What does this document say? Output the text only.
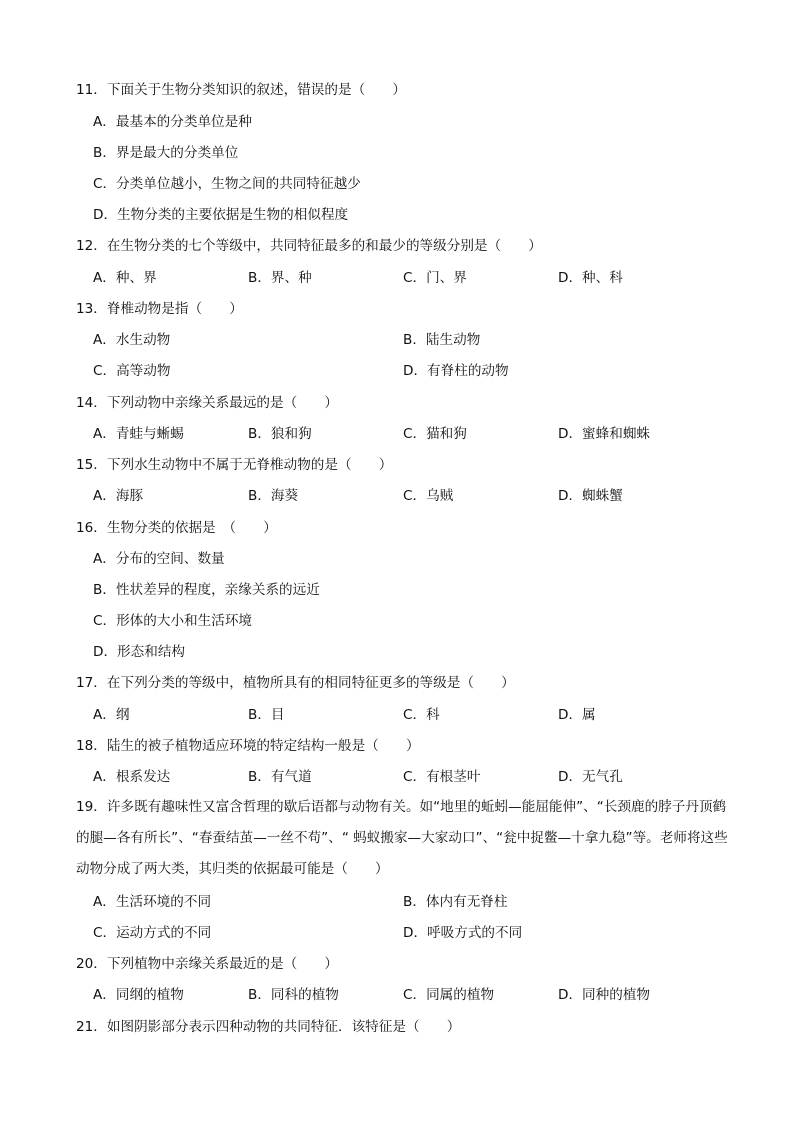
11．下面关于生物分类知识的叙述，错误的是（　　）
A．最基本的分类单位是种
B．界是最大的分类单位
C．分类单位越小，生物之间的共同特征越少
D．生物分类的主要依据是生物的相似程度
12．在生物分类的七个等级中，共同特征最多的和最少的等级分别是（　　）
A．种、界	B．界、种	C．门、界	D．种、科
13．脊椎动物是指（　　）
A．水生动物	B．陆生动物
C．高等动物	D．有脊柱的动物
14．下列动物中亲缘关系最远的是（　　）
A．青蛙与蜥蜴	B．狼和狗	C．猫和狗	D．蜜蜂和蜘蛛
15．下列水生动物中不属于无脊椎动物的是（　　）
A．海豚	B．海葵	C．乌贼	D．蜘蛛蟹
16．生物分类的依据是　（　　）
A．分布的空间、数量
B．性状差异的程度，亲缘关系的远近
C．形体的大小和生活环境
D．形态和结构
17．在下列分类的等级中，植物所具有的相同特征更多的等级是（　　）
A．纲	B．目	C．科	D．属
18．陆生的被子植物适应环境的特定结构一般是（　　）
A．根系发达	B．有气道	C．有根茎叶	D．无气孔
19．许多既有趣味性又富含哲理的歇后语都与动物有关。如“地里的蚯蚓—能屈能伸”、“长颈鹿的脖子丹顶鹤的腿—各有所长”、“春蚕结茧—一丝不苟”、“ 蚂蚁搬家—大家动口”、“瓮中捉鳖—十拿九稳”等。老师将这些动物分成了两大类，其归类的依据最可能是（　　）
A．生活环境的不同	B．体内有无脊柱
C．运动方式的不同	D．呼吸方式的不同
20．下列植物中亲缘关系最近的是（　　）
A．同纲的植物	B．同科的植物	C．同属的植物	D．同种的植物
21．如图阴影部分表示四种动物的共同特征．该特征是（　　）
